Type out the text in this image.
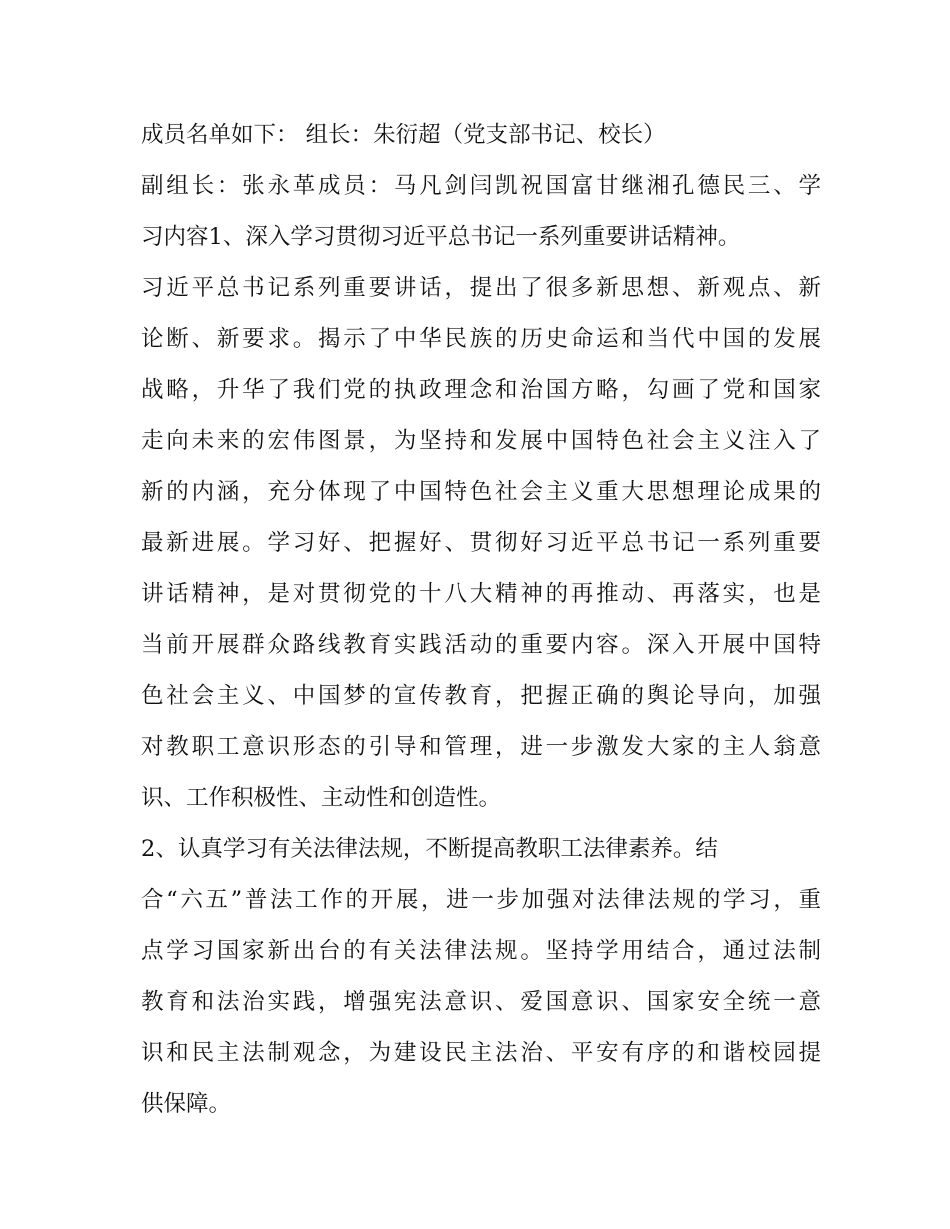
成员名单如下： 组长：朱衍超（党支部书记、校长）
副组长：张永革成员：马凡剑闫凯祝国富甘继湘孔德民三、学
习内容1、深入学习贯彻习近平总书记一系列重要讲话精神。
习近平总书记系列重要讲话，提出了很多新思想、新观点、新
论断、新要求。揭示了中华民族的历史命运和当代中国的发展
战略，升华了我们党的执政理念和治国方略，勾画了党和国家
走向未来的宏伟图景，为坚持和发展中国特色社会主义注入了
新的内涵，充分体现了中国特色社会主义重大思想理论成果的
最新进展。学习好、把握好、贯彻好习近平总书记一系列重要
讲话精神，是对贯彻党的十八大精神的再推动、再落实，也是
当前开展群众路线教育实践活动的重要内容。深入开展中国特
色社会主义、中国梦的宣传教育，把握正确的舆论导向，加强
对教职工意识形态的引导和管理，进一步激发大家的主人翁意
识、工作积极性、主动性和创造性。
2、认真学习有关法律法规，不断提高教职工法律素养。结
合“六五”普法工作的开展，进一步加强对法律法规的学习，重
点学习国家新出台的有关法律法规。坚持学用结合，通过法制
教育和法治实践，增强宪法意识、爱国意识、国家安全统一意
识和民主法制观念，为建设民主法治、平安有序的和谐校园提
供保障。
